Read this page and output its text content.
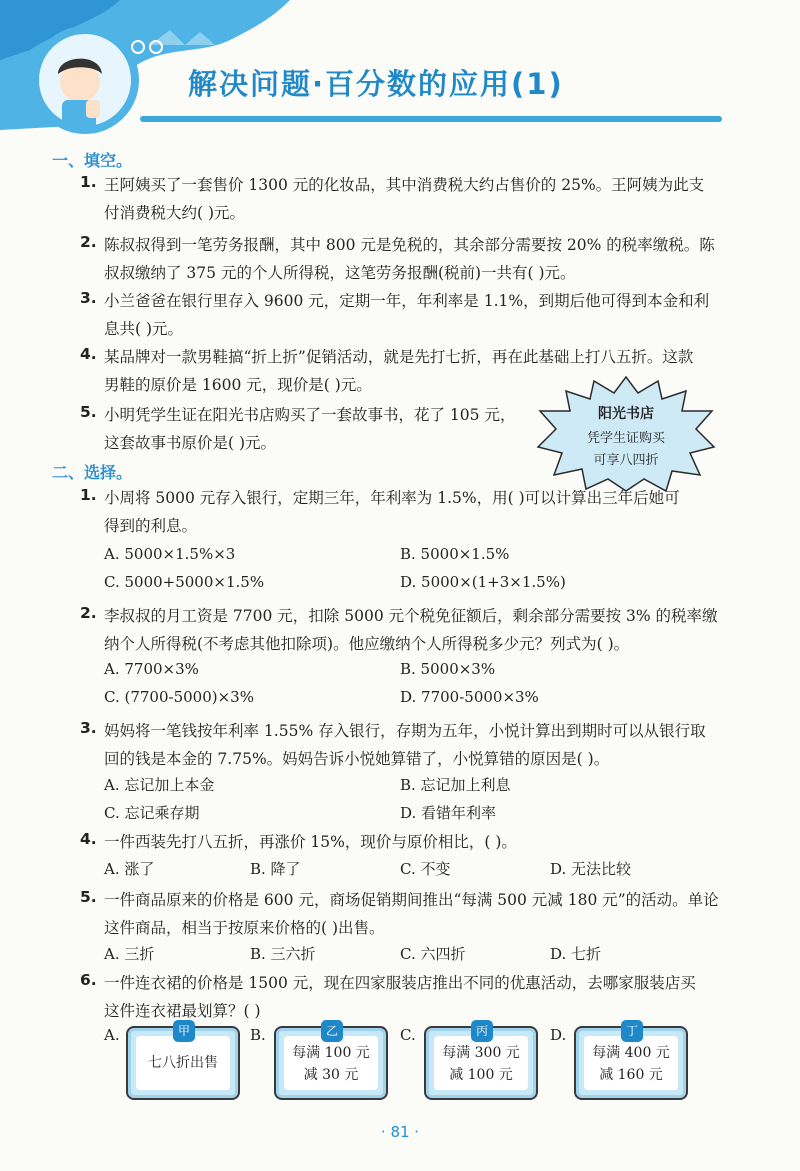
解决问题·百分数的应用(1)
一、填空。
1. 王阿姨买了一套售价 1300 元的化妆品，其中消费税大约占售价的 25%。王阿姨为此支
付消费税大约( )元。
2. 陈叔叔得到一笔劳务报酬，其中 800 元是免税的，其余部分需要按 20% 的税率缴税。陈
叔叔缴纳了 375 元的个人所得税，这笔劳务报酬(税前)一共有( )元。
3. 小兰爸爸在银行里存入 9600 元，定期一年，年利率是 1.1%，到期后他可得到本金和利
息共( )元。
4. 某品牌对一款男鞋搞“折上折”促销活动，就是先打七折，再在此基础上打八五折。这款
男鞋的原价是 1600 元，现价是( )元。
5. 小明凭学生证在阳光书店购买了一套故事书，花了 105 元，
这套故事书原价是( )元。
阳光书店
凭学生证购买
可享八四折
二、选择。
1. 小周将 5000 元存入银行，定期三年，年利率为 1.5%，用( )可以计算出三年后她可
得到的利息。
A. 5000×1.5%×3	B. 5000×1.5%
C. 5000+5000×1.5%	D. 5000×(1+3×1.5%)
2. 李叔叔的月工资是 7700 元，扣除 5000 元个税免征额后，剩余部分需要按 3% 的税率缴
纳个人所得税(不考虑其他扣除项)。他应缴纳个人所得税多少元？列式为( )。
A. 7700×3%	B. 5000×3%
C. (7700-5000)×3%	D. 7700-5000×3%
3. 妈妈将一笔钱按年利率 1.55% 存入银行，存期为五年，小悦计算出到期时可以从银行取
回的钱是本金的 7.75%。妈妈告诉小悦她算错了，小悦算错的原因是( )。
A. 忘记加上本金	B. 忘记加上利息
C. 忘记乘存期	D. 看错年利率
4. 一件西装先打八五折，再涨价 15%，现价与原价相比，( )。
A. 涨了	B. 降了	C. 不变	D. 无法比较
5. 一件商品原来的价格是 600 元，商场促销期间推出“每满 500 元减 180 元”的活动。单论
这件商品，相当于按原来价格的( )出售。
A. 三折	B. 三六折	C. 六四折	D. 七折
6. 一件连衣裙的价格是 1500 元，现在四家服装店推出不同的优惠活动，去哪家服装店买
这件连衣裙最划算？( )
A.	甲
七八折出售
B.	乙
每满 100 元
减 30 元
C.	丙
每满 300 元
减 100 元
D.	丁
每满 400 元
减 160 元
· 81 ·
